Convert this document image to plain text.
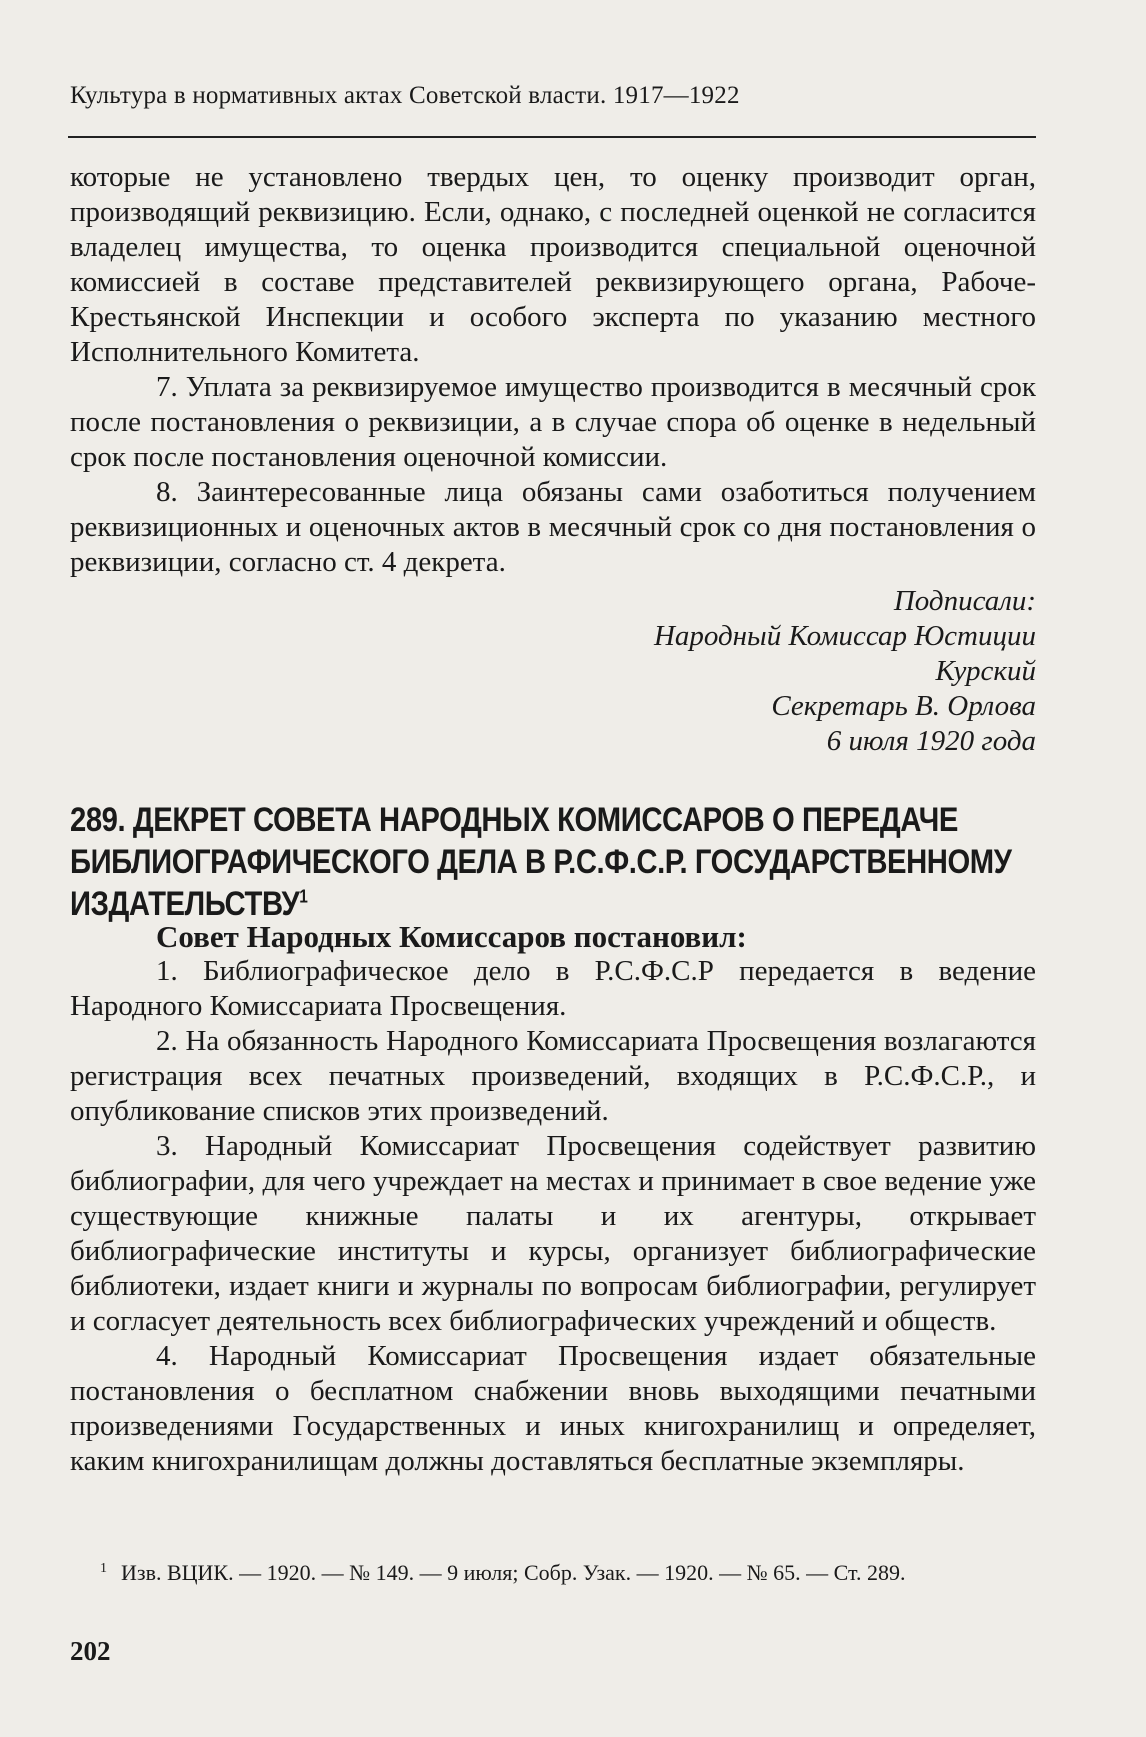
Культура в нормативных актах Советской власти. 1917—1922

которые не установлено твердых цен, то оценку производит орган, производящий реквизицию. Если, однако, с последней оценкой не согласится владелец имущества, то оценка производится специальной оценочной комиссией в составе представителей реквизирующего органа, Рабоче-Крестьянской Инспекции и особого эксперта по указанию местного Исполнительного Комитета.

7. Уплата за реквизируемое имущество производится в месячный срок после постановления о реквизиции, а в случае спора об оценке в недельный срок после постановления оценочной комиссии.

8. Заинтересованные лица обязаны сами озаботиться получением реквизиционных и оценочных актов в месячный срок со дня постановления о реквизиции, согласно ст. 4 декрета.

Подписали:
Народный Комиссар Юстиции
Курский
Секретарь В. Орлова
6 июля 1920 года
289. ДЕКРЕТ СОВЕТА НАРОДНЫХ КОМИССАРОВ О ПЕРЕДАЧЕ БИБЛИОГРАФИЧЕСКОГО ДЕЛА В Р.С.Ф.С.Р. ГОСУДАРСТВЕННОМУ ИЗДАТЕЛЬСТВУ$^1$

Совет Народных Комиссаров постановил:

1. Библиографическое дело в Р.С.Ф.С.Р передается в ведение Народного Комиссариата Просвещения.

2. На обязанность Народного Комиссариата Просвещения возлагаются регистрация всех печатных произведений, входящих в Р.С.Ф.С.Р., и опубликование списков этих произведений.

3. Народный Комиссариат Просвещения содействует развитию библиографии, для чего учреждает на местах и принимает в свое ведение уже существующие книжные палаты и их агентуры, открывает библиографические институты и курсы, организует библиографические библиотеки, издает книги и журналы по вопросам библиографии, регулирует и согласует деятельность всех библиографических учреждений и обществ.

4. Народный Комиссариат Просвещения издает обязательные постановления о бесплатном снабжении вновь выходящими печатными произведениями Государственных и иных книгохранилищ и определяет, каким книгохранилищам должны доставляться бесплатные экземпляры.

$^1$ Изв. ВЦИК. — 1920. — № 149. — 9 июля; Собр. Узак. — 1920. — № 65. — Ст. 289.
202
